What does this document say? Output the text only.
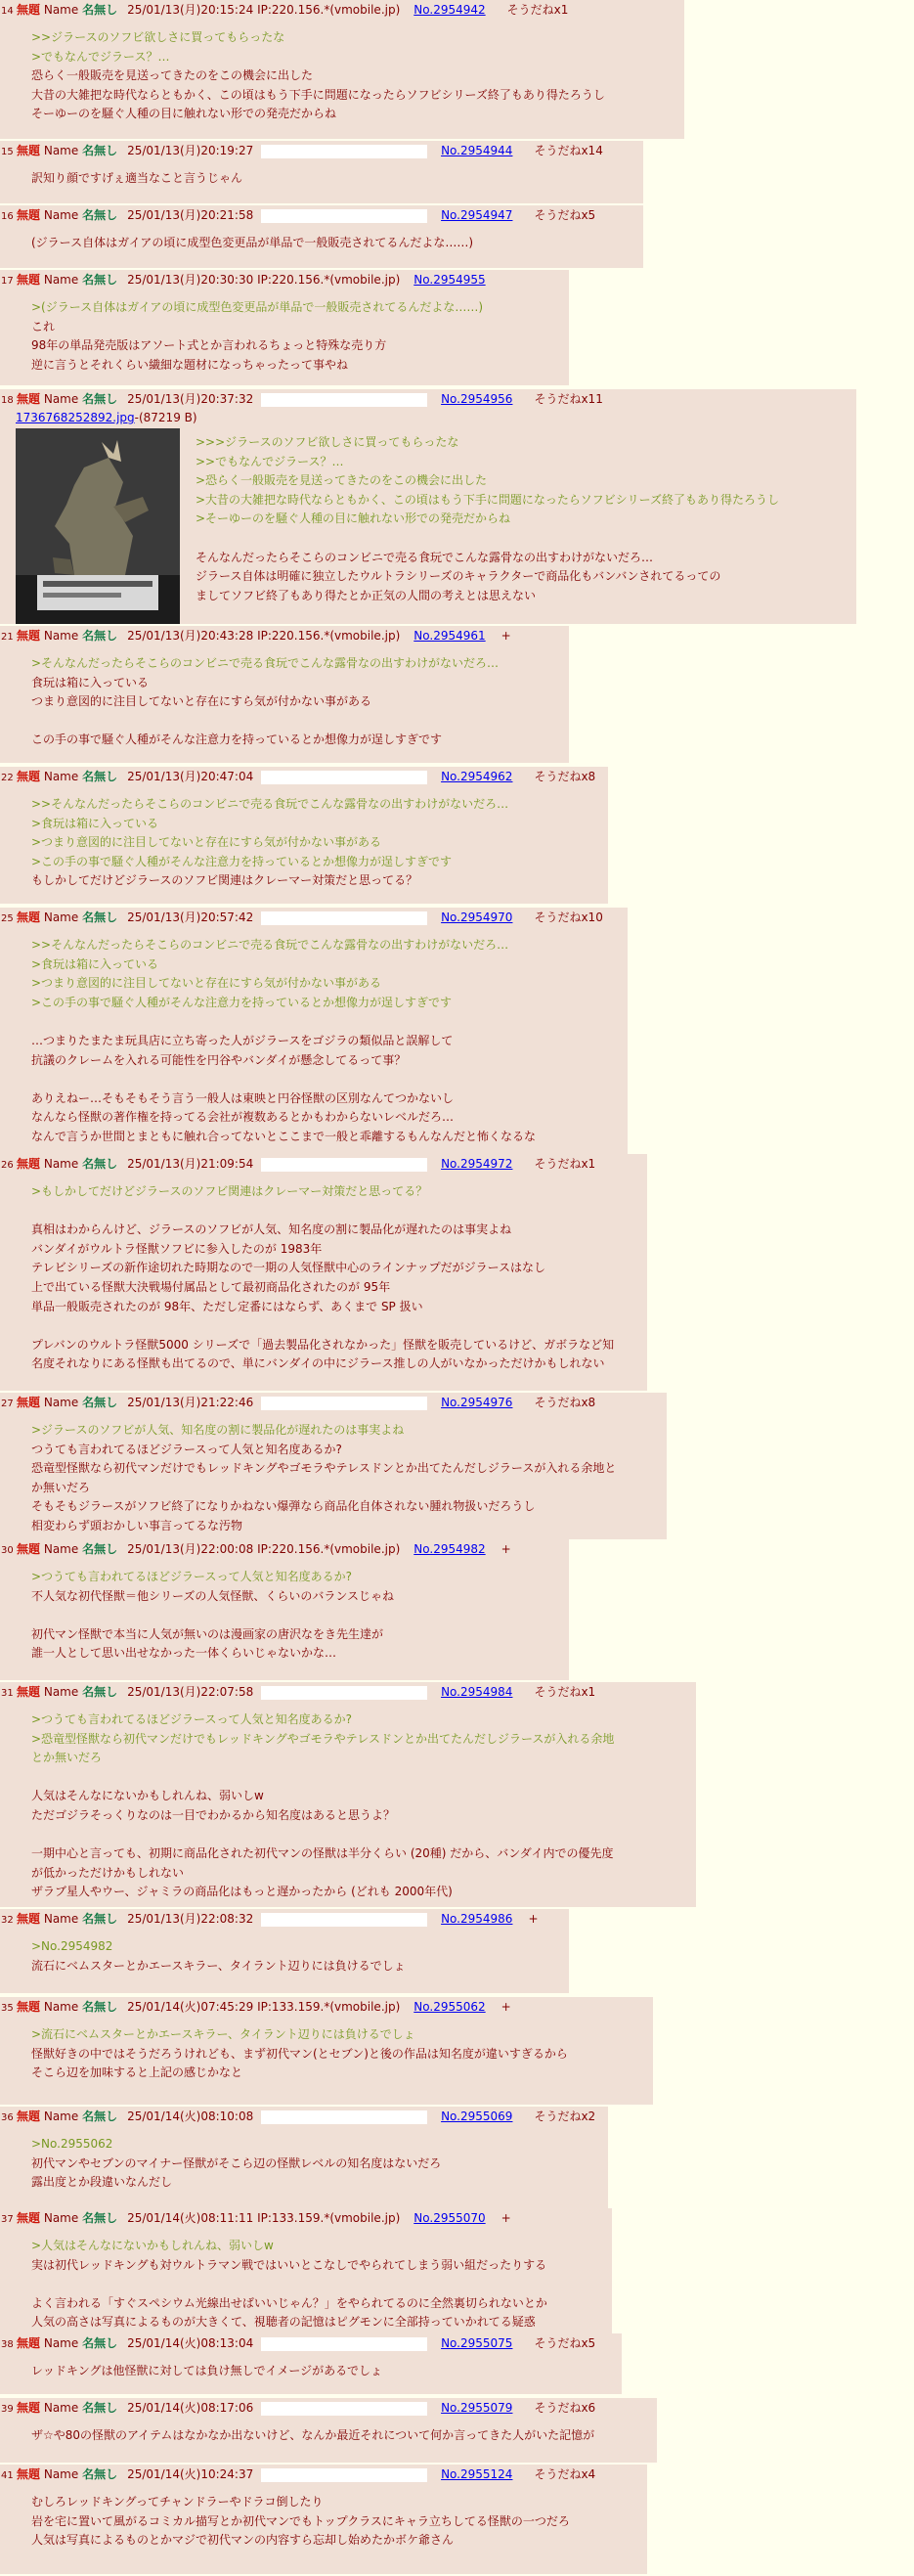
14 無題 Name 名無し 25/01/13(月)20:15:24 IP:220.156.*(vmobile.jp) No.2954942 そうだねx1
>>ジラースのソフビ欲しさに買ってもらったな
>でもなんでジラース？…
恐らく一般販売を見送ってきたのをこの機会に出した
大昔の大雑把な時代ならともかく、この頃はもう下手に問題になったらソフビシリーズ終了もあり得たろうし
そーゆーのを騒ぐ人種の目に触れない形での発売だからね
15 無題 Name 名無し 25/01/13(月)20:19:27	No.2954944 そうだねx14
訳知り顔ですげぇ適当なこと言うじゃん
16 無題 Name 名無し 25/01/13(月)20:21:58	No.2954947 そうだねx5
(ジラース自体はガイアの頃に成型色変更品が単品で一般販売されてるんだよな……)
17 無題 Name 名無し 25/01/13(月)20:30:30 IP:220.156.*(vmobile.jp) No.2954955
>(ジラース自体はガイアの頃に成型色変更品が単品で一般販売されてるんだよな……)
これ
98年の単品発売版はアソート式とか言われるちょっと特殊な売り方
逆に言うとそれくらい繊細な題材になっちゃったって事やね
18 無題 Name 名無し 25/01/13(月)20:37:32	No.2954956 そうだねx11
1736768252892.jpg-(87219 B)
>>>ジラースのソフビ欲しさに買ってもらったな
>>でもなんでジラース？…
>恐らく一般販売を見送ってきたのをこの機会に出した
>大昔の大雑把な時代ならともかく、この頃はもう下手に問題になったらソフビシリーズ終了もあり得たろうし
>そーゆーのを騒ぐ人種の目に触れない形での発売だからね

そんなんだったらそこらのコンビニで売る食玩でこんな露骨なの出すわけがないだろ…
ジラース自体は明確に独立したウルトラシリーズのキャラクターで商品化もバンバンされてるっての
ましてソフビ終了もあり得たとか正気の人間の考えとは思えない
21 無題 Name 名無し 25/01/13(月)20:43:28 IP:220.156.*(vmobile.jp) No.2954961 +
>そんなんだったらそこらのコンビニで売る食玩でこんな露骨なの出すわけがないだろ…
食玩は箱に入っている
つまり意図的に注目してないと存在にすら気が付かない事がある

この手の事で騒ぐ人種がそんな注意力を持っているとか想像力が逞しすぎです
22 無題 Name 名無し 25/01/13(月)20:47:04	No.2954962 そうだねx8
>>そんなんだったらそこらのコンビニで売る食玩でこんな露骨なの出すわけがないだろ…
>食玩は箱に入っている
>つまり意図的に注目してないと存在にすら気が付かない事がある
>この手の事で騒ぐ人種がそんな注意力を持っているとか想像力が逞しすぎです
もしかしてだけどジラースのソフビ関連はクレーマー対策だと思ってる？
25 無題 Name 名無し 25/01/13(月)20:57:42	No.2954970 そうだねx10
>>そんなんだったらそこらのコンビニで売る食玩でこんな露骨なの出すわけがないだろ…
>食玩は箱に入っている
>つまり意図的に注目してないと存在にすら気が付かない事がある
>この手の事で騒ぐ人種がそんな注意力を持っているとか想像力が逞しすぎです

…つまりたまたま玩具店に立ち寄った人がジラースをゴジラの類似品と誤解して
抗議のクレームを入れる可能性を円谷やバンダイが懸念してるって事？

ありえねー…そもそもそう言う一般人は東映と円谷怪獣の区別なんてつかないし
なんなら怪獣の著作権を持ってる会社が複数あるとかもわからないレベルだろ…
なんで言うか世間とまともに触れ合ってないとここまで一般と乖離するもんなんだと怖くなるな
26 無題 Name 名無し 25/01/13(月)21:09:54	No.2954972 そうだねx1
>もしかしてだけどジラースのソフビ関連はクレーマー対策だと思ってる？

真相はわからんけど、ジラースのソフビが人気、知名度の割に製品化が遅れたのは事実よね
バンダイがウルトラ怪獣ソフビに参入したのが 1983年
テレビシリーズの新作途切れた時期なので一期の人気怪獣中心のラインナップだがジラースはなし
上で出ている怪獣大決戦場付属品として最初商品化されたのが 95年
単品一般販売されたのが 98年、ただし定番にはならず、あくまで SP 扱い

プレバンのウルトラ怪獣5000 シリーズで「過去製品化されなかった」怪獣を販売しているけど、ガボラなど知
名度それなりにある怪獣も出てるので、単にバンダイの中にジラース推しの人がいなかっただけかもしれない
27 無題 Name 名無し 25/01/13(月)21:22:46	No.2954976 そうだねx8
>ジラースのソフビが人気、知名度の割に製品化が遅れたのは事実よね
つうても言われてるほどジラースって人気と知名度あるか?
恐竜型怪獣なら初代マンだけでもレッドキングやゴモラやテレスドンとか出てたんだしジラースが入れる余地と
か無いだろ
そもそもジラースがソフビ終了になりかねない爆弾なら商品化自体されない腫れ物扱いだろうし
相変わらず頭おかしい事言ってるな汚物
30 無題 Name 名無し 25/01/13(月)22:00:08 IP:220.156.*(vmobile.jp) No.2954982 +
>つうても言われてるほどジラースって人気と知名度あるか?
不人気な初代怪獣＝他シリーズの人気怪獣、くらいのバランスじゃね

初代マン怪獣で本当に人気が無いのは漫画家の唐沢なをき先生達が
誰一人として思い出せなかった一体くらいじゃないかな…
31 無題 Name 名無し 25/01/13(月)22:07:58	No.2954984 そうだねx1
>つうても言われてるほどジラースって人気と知名度あるか?
>恐竜型怪獣なら初代マンだけでもレッドキングやゴモラやテレスドンとか出てたんだしジラースが入れる余地
とか無いだろ

人気はそんなにないかもしれんね、弱いしw
ただゴジラそっくりなのは一目でわかるから知名度はあると思うよ？

一期中心と言っても、初期に商品化された初代マンの怪獣は半分くらい (20種) だから、バンダイ内での優先度
が低かっただけかもしれない
ザラブ星人やウー、ジャミラの商品化はもっと遅かったから (どれも 2000年代)
32 無題 Name 名無し 25/01/13(月)22:08:32	No.2954986 +
>No.2954982
流石にベムスターとかエースキラー、タイラント辺りには負けるでしょ
35 無題 Name 名無し 25/01/14(火)07:45:29 IP:133.159.*(vmobile.jp) No.2955062 +
>流石にベムスターとかエースキラー、タイラント辺りには負けるでしょ
怪獣好きの中ではそうだろうけれども、まず初代マン(とセブン)と後の作品は知名度が違いすぎるから
そこら辺を加味すると上記の感じかなと
36 無題 Name 名無し 25/01/14(火)08:10:08	No.2955069 そうだねx2
>No.2955062
初代マンやセブンのマイナー怪獣がそこら辺の怪獣レベルの知名度はないだろ
露出度とか段違いなんだし
37 無題 Name 名無し 25/01/14(火)08:11:11 IP:133.159.*(vmobile.jp) No.2955070 +
>人気はそんなにないかもしれんね、弱いしw
実は初代レッドキングも対ウルトラマン戦ではいいとこなしでやられてしまう弱い組だったりする

よく言われる「すぐスペシウム光線出せばいいじゃん？」をやられてるのに全然裏切られないとか
人気の高さは写真によるものが大きくて、視聴者の記憶はピグモンに全部持っていかれてる疑惑
38 無題 Name 名無し 25/01/14(火)08:13:04	No.2955075 そうだねx5
レッドキングは他怪獣に対しては負け無しでイメージがあるでしょ
39 無題 Name 名無し 25/01/14(火)08:17:06	No.2955079 そうだねx6
ザ☆や80の怪獣のアイテムはなかなか出ないけど、なんか最近それについて何か言ってきた人がいた記憶が
41 無題 Name 名無し 25/01/14(火)10:24:37	No.2955124 そうだねx4
むしろレッドキングってチャンドラーやドラコ倒したり
岩を宅に置いて風がるコミカル描写とか初代マンでもトップクラスにキャラ立ちしてる怪獣の一つだろ
人気は写真によるものとかマジで初代マンの内容すら忘却し始めたかボケ爺さん
